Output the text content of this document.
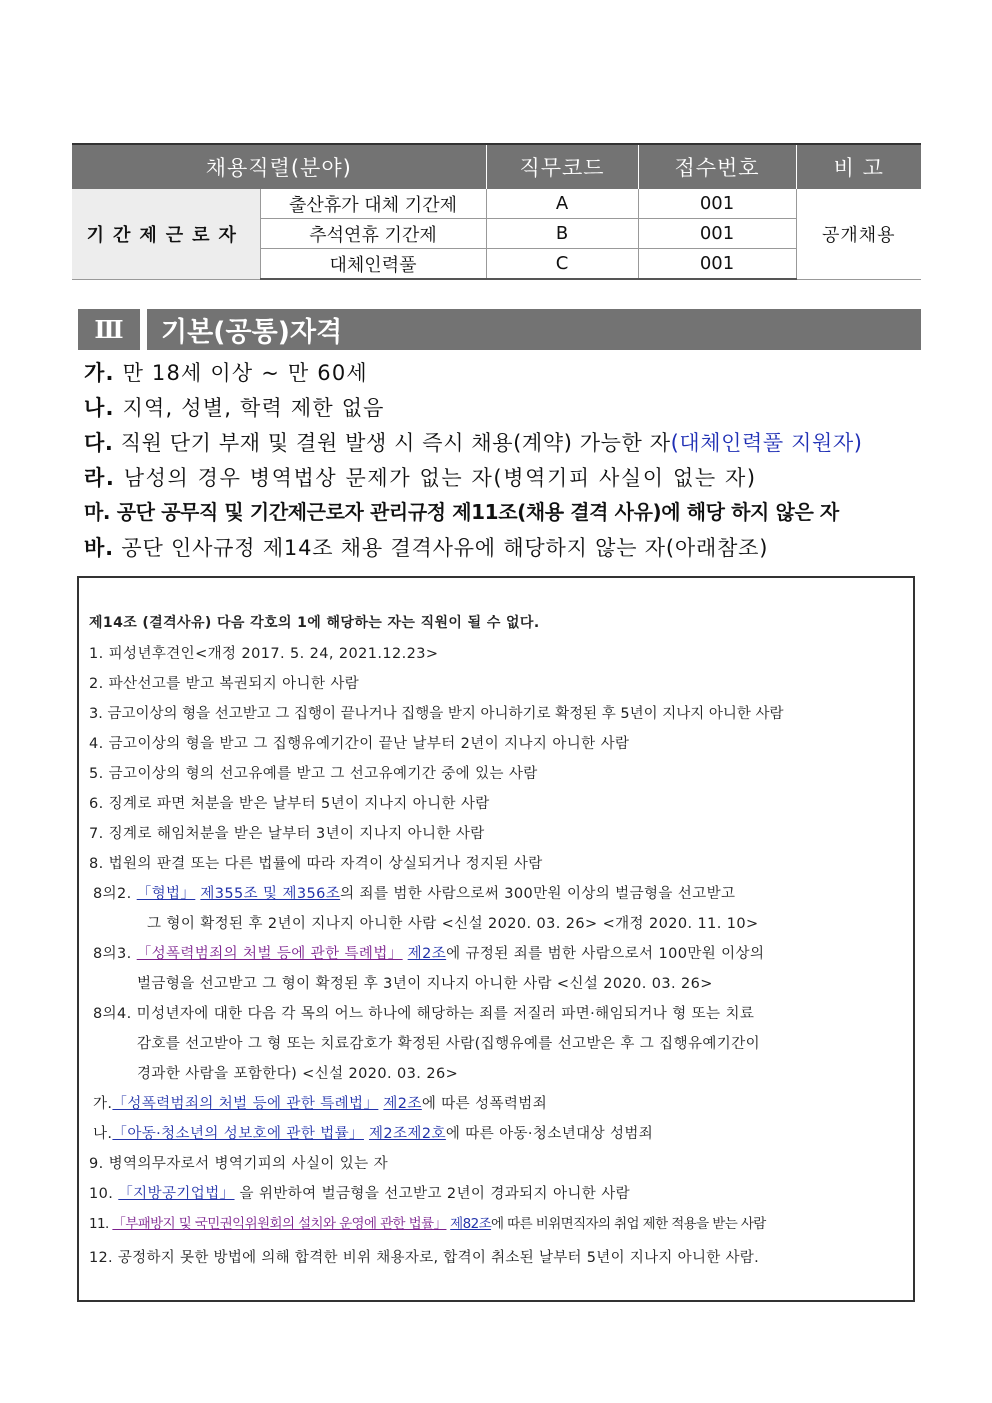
채용직렬(분야)		직무코드	접수번호	비 고
기간제근로자	출산휴가 대체 기간제	A	001	공개채용
	추석연휴 기간제	B	001	
	대체인력풀	C	001	
Ⅲ	기본(공통)자격
가. 만 18세 이상 ~ 만 60세
나. 지역, 성별, 학력 제한 없음
다. 직원 단기 부재 및 결원 발생 시 즉시 채용(계약) 가능한 자(대체인력풀 지원자)
라. 남성의 경우 병역법상 문제가 없는 자(병역기피 사실이 없는 자)
마. 공단 공무직 및 기간제근로자 관리규정 제11조(채용 결격 사유)에 해당 하지 않은 자
바. 공단 인사규정 제14조 채용 결격사유에 해당하지 않는 자(아래참조)
제14조 (결격사유) 다음 각호의 1에 해당하는 자는 직원이 될 수 없다.
1. 피성년후견인<개정 2017. 5. 24, 2021.12.23>
2. 파산선고를 받고 복권되지 아니한 사람
3. 금고이상의 형을 선고받고 그 집행이 끝나거나 집행을 받지 아니하기로 확정된 후 5년이 지나지 아니한 사람
4. 금고이상의 형을 받고 그 집행유예기간이 끝난 날부터 2년이 지나지 아니한 사람
5. 금고이상의 형의 선고유예를 받고 그 선고유예기간 중에 있는 사람
6. 징계로 파면 처분을 받은 날부터 5년이 지나지 아니한 사람
7. 징계로 해임처분을 받은 날부터 3년이 지나지 아니한 사람
8. 법원의 판결 또는 다른 법률에 따라 자격이 상실되거나 정지된 사람
8의2. 「형법」 제355조 및 제356조의 죄를 범한 사람으로써 300만원 이상의 벌금형을 선고받고
그 형이 확정된 후 2년이 지나지 아니한 사람 <신설 2020. 03. 26> <개정 2020. 11. 10>
8의3. 「성폭력범죄의 처벌 등에 관한 특례법」 제2조에 규정된 죄를 범한 사람으로서 100만원 이상의
벌금형을 선고받고 그 형이 확정된 후 3년이 지나지 아니한 사람 <신설 2020. 03. 26>
8의4. 미성년자에 대한 다음 각 목의 어느 하나에 해당하는 죄를 저질러 파면·해임되거나 형 또는 치료
감호를 선고받아 그 형 또는 치료감호가 확정된 사람(집행유예를 선고받은 후 그 집행유예기간이
경과한 사람을 포함한다) <신설 2020. 03. 26>
가.「성폭력범죄의 처벌 등에 관한 특례법」 제2조에 따른 성폭력범죄
나.「아동·청소년의 성보호에 관한 법률」 제2조제2호에 따른 아동·청소년대상 성범죄
9. 병역의무자로서 병역기피의 사실이 있는 자
10. 「지방공기업법」 을 위반하여 벌금형을 선고받고 2년이 경과되지 아니한 사람
11. 「부패방지 및 국민권익위원회의 설치와 운영에 관한 법률」 제82조에 따른 비위면직자의 취업 제한 적용을 받는 사람
12. 공정하지 못한 방법에 의해 합격한 비위 채용자로, 합격이 취소된 날부터 5년이 지나지 아니한 사람.
